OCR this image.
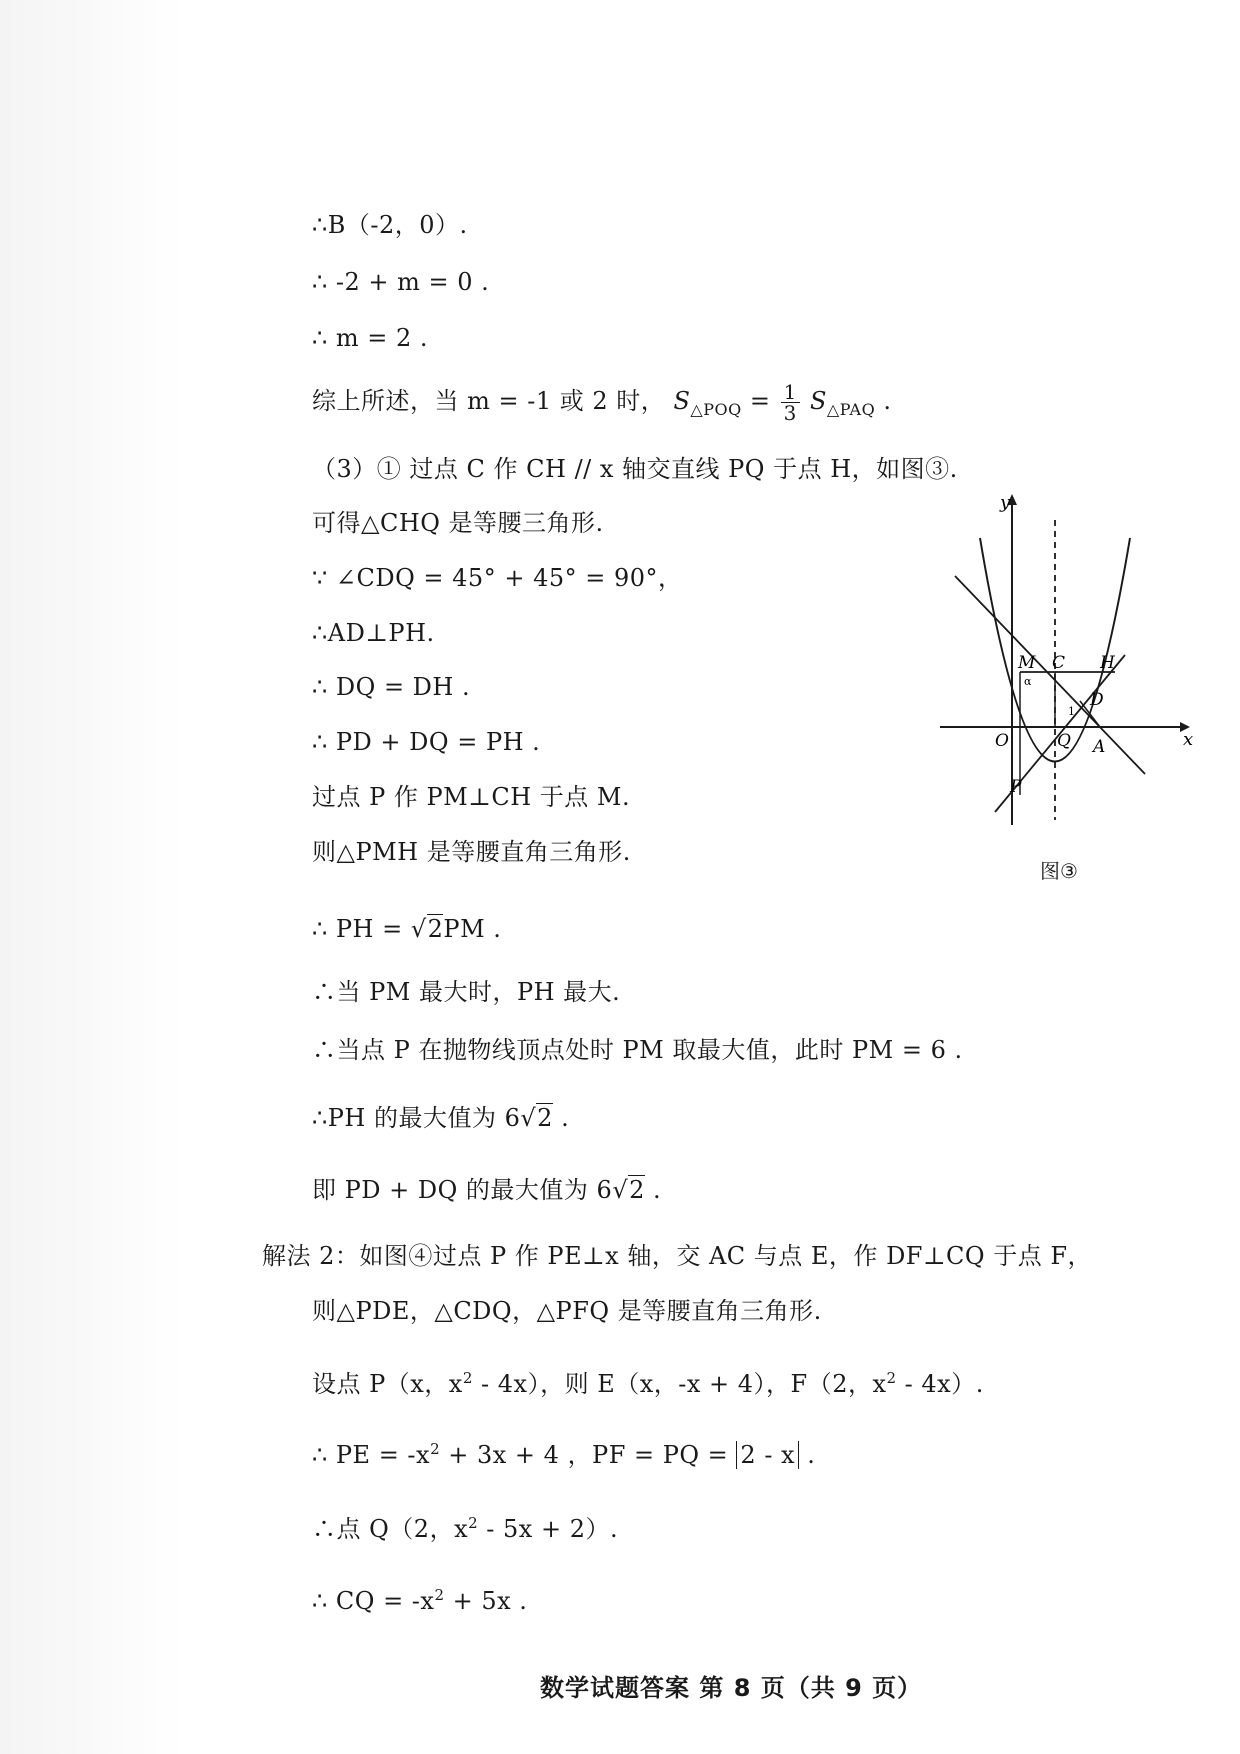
∴B（-2，0）.
∴ -2 + m = 0 .
∴ m = 2 .
综上所述，当 m = -1 或 2 时， $S_{\triangle POQ} = \frac{1}{3} S_{\triangle PAQ}$ .
（3）① 过点 C 作 CH // x 轴交直线 PQ 于点 H，如图③.
可得△CHQ 是等腰三角形.
∵ ∠CDQ = 45° + 45° = 90°，
∴AD⊥PH.
∴ DQ = DH .
∴ PD + DQ = PH .
过点 P 作 PM⊥CH 于点 M.
则△PMH 是等腰直角三角形.
∴ PH = √2PM .
∴当 PM 最大时，PH 最大.
∴当点 P 在抛物线顶点处时 PM 取最大值，此时 PM = 6 .
∴PH 的最大值为 6√2 .
即 PD + DQ 的最大值为 6√2 .
解法 2：如图④过点 P 作 PE⊥x 轴，交 AC 与点 E，作 DF⊥CQ 于点 F，
则△PDE，△CDQ，△PFQ 是等腰直角三角形.
设点 P（x，$x^2 - 4x$），则 E（x，-x + 4），F（2，$x^2 - 4x$）.
∴ PE = $-x^2 + 3x + 4$ ，PF = PQ = 2 - x .
∴点 Q（2，$x^2 - 5x + 2$）.
∴ CQ = $-x^2 + 5x$ .
y
x
O
M
α
C H
D
1
Q A
P
图③
数学试题答案 第 8 页（共 9 页）
